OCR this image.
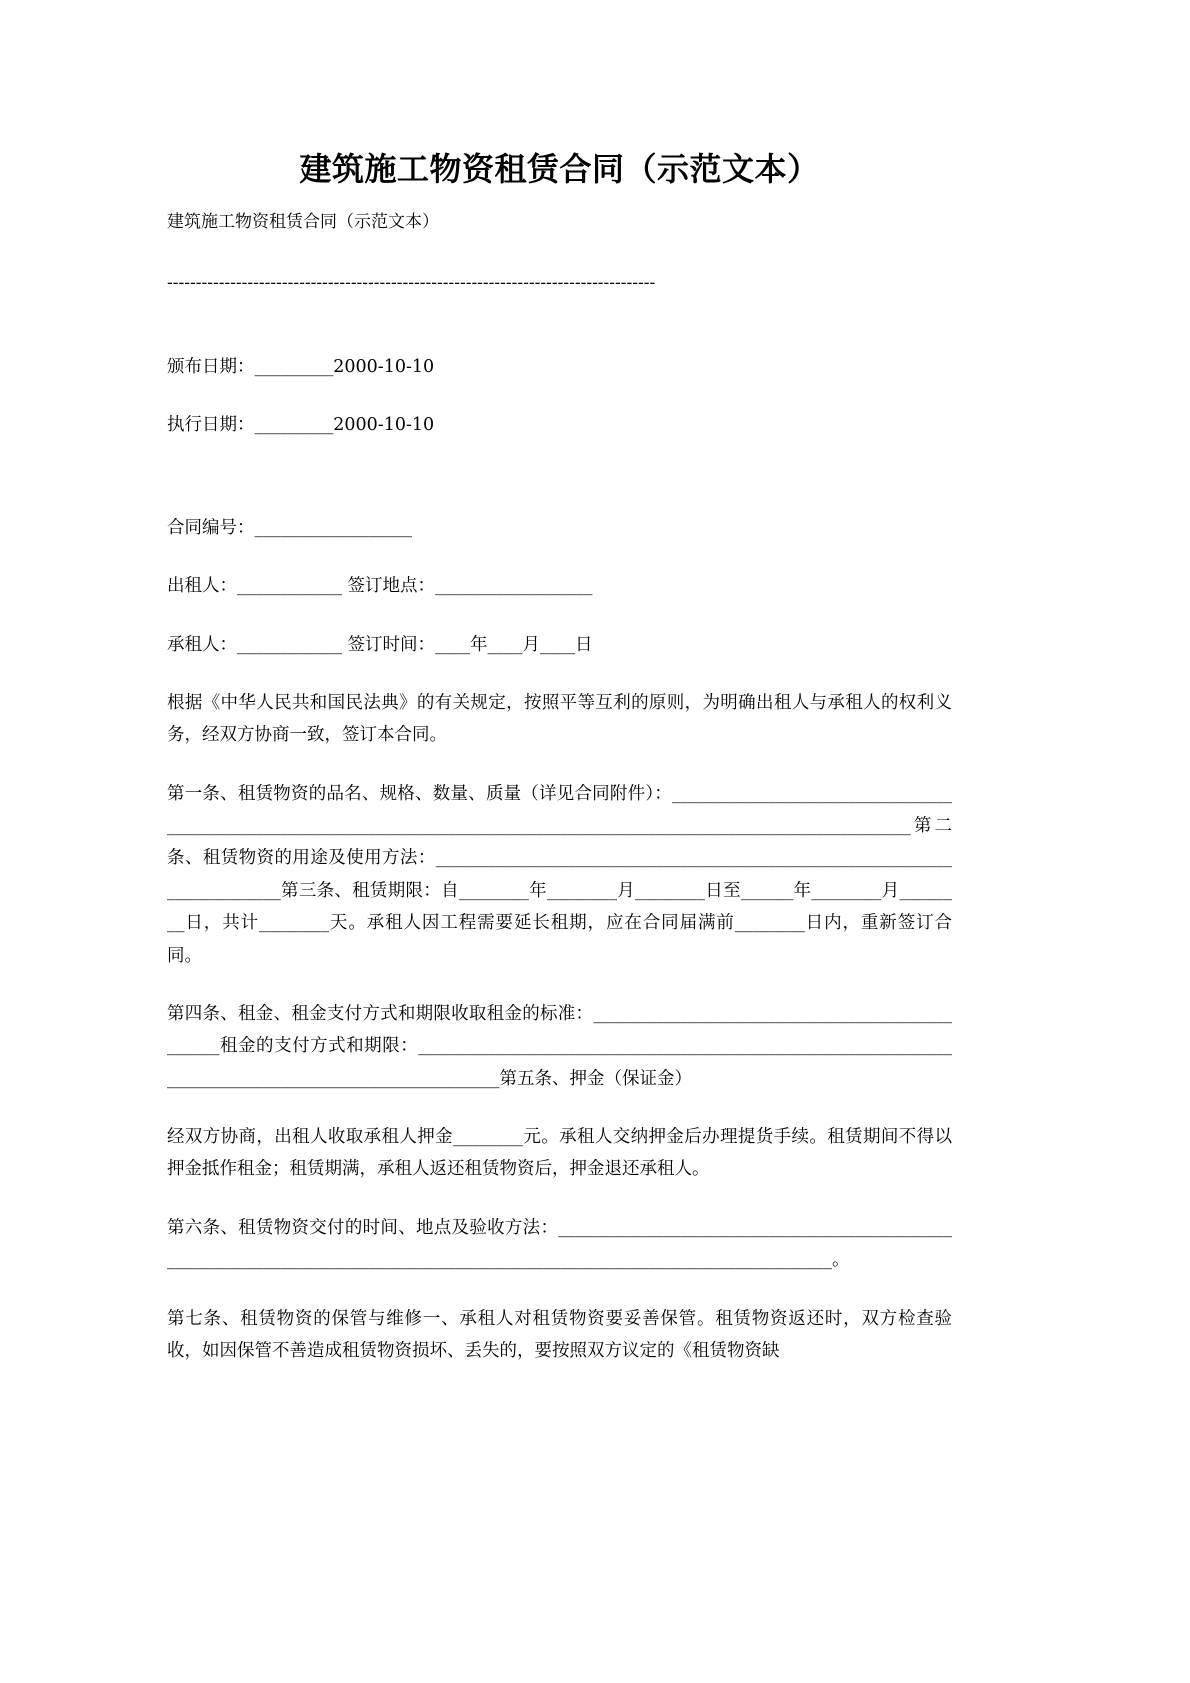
建筑施工物资租赁合同（示范文本）

建筑施工物资租赁合同（示范文本）

-------------------------------------------------------------------------------------

颁布日期：_________2000-10-10

执行日期：_________2000-10-10

合同编号：__________________

出租人：____________ 签订地点：__________________

承租人：____________ 签订时间：____年____月____日

根据《中华人民共和国民法典》的有关规定，按照平等互利的原则，为明确出租人与承租人的权利义务，经双方协商一致，签订本合同。

第一条、租赁物资的品名、规格、数量、质量（详见合同附件）：_____________________________________________________________________________________________________________________第二条、租赁物资的用途及使用方法：________________________________________________________________________第三条、租赁期限：自________年________月________日至______年________月________日，共计________天。承租人因工程需要延长租期，应在合同届满前________日内，重新签订合同。

第四条、租金、租金支付方式和期限收取租金的标准：_______________________________________________租金的支付方式和期限：___________________________________________________________________________________________________第五条、押金（保证金）

经双方协商，出租人收取承租人押金________元。承租人交纳押金后办理提货手续。租赁期间不得以押金抵作租金；租赁期满，承租人返还租赁物资后，押金退还承租人。

第六条、租赁物资交付的时间、地点及验收方法：_________________________________________________________________________________________________________________________。

第七条、租赁物资的保管与维修一、承租人对租赁物资要妥善保管。租赁物资返还时，双方检查验收，如因保管不善造成租赁物资损坏、丢失的，要按照双方议定的《租赁物资缺
